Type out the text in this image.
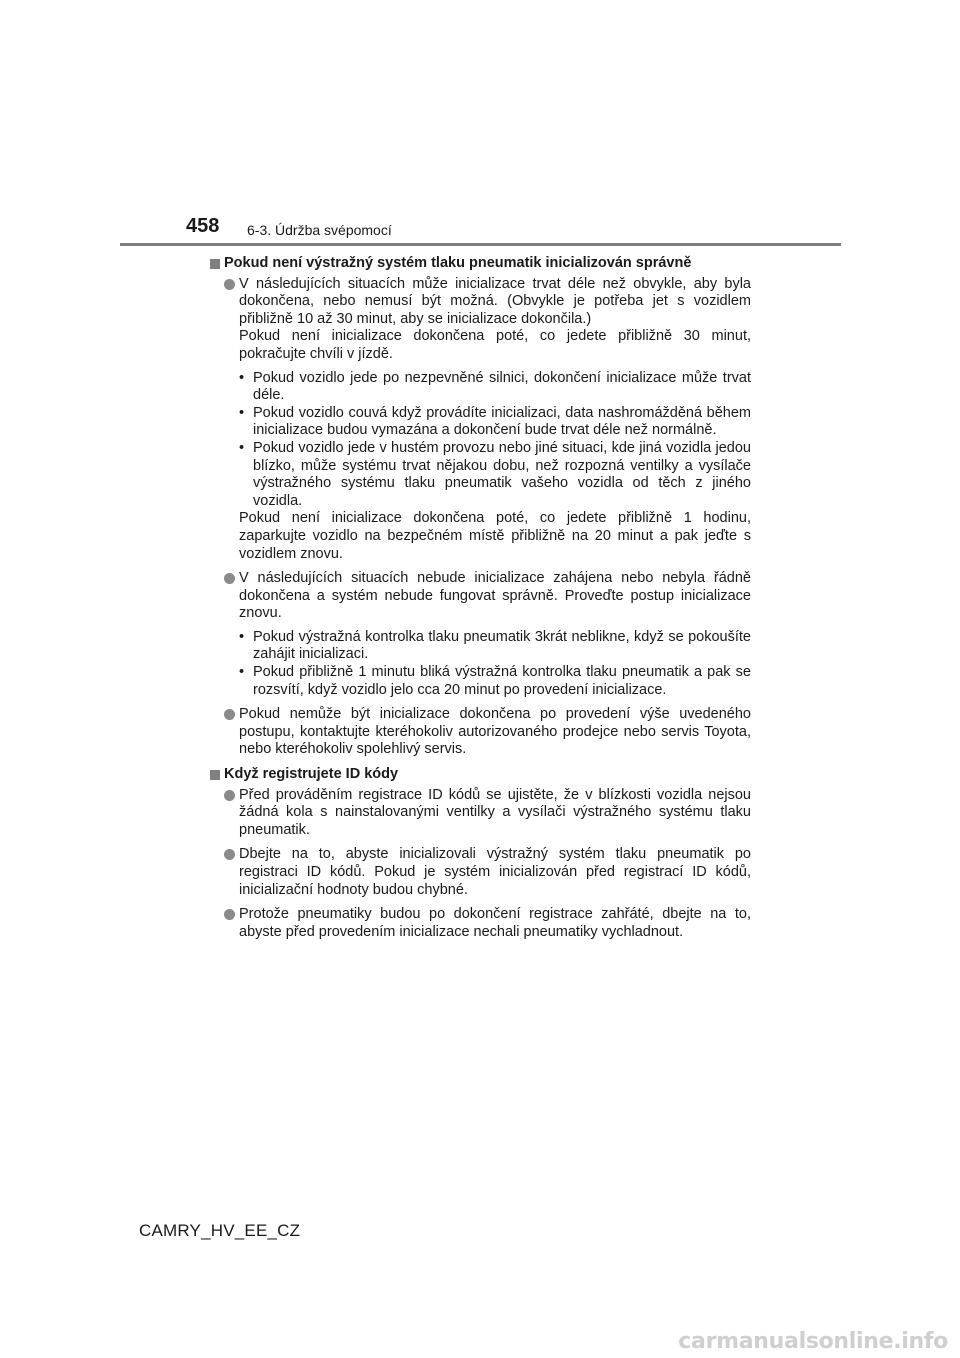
458 6-3. Údržba svépomocí
Pokud není výstražný systém tlaku pneumatik inicializován správně

V následujících situacích může inicializace trvat déle než obvykle, aby byla dokončena, nebo nemusí být možná. (Obvykle je potřeba jet s vozidlem přibližně 10 až 30 minut, aby se inicializace dokončila.)

Pokud není inicializace dokončena poté, co jedete přibližně 30 minut, pokračujte chvíli v jízdě.

• Pokud vozidlo jede po nezpevněné silnici, dokončení inicializace může trvat déle.
• Pokud vozidlo couvá když provádíte inicializaci, data nashromážděná během inicializace budou vymazána a dokončení bude trvat déle než normálně.
• Pokud vozidlo jede v hustém provozu nebo jiné situaci, kde jiná vozidla jedou blízko, může systému trvat nějakou dobu, než rozpozná ventilky a vysílače výstražného systému tlaku pneumatik vašeho vozidla od těch z jiného vozidla.

Pokud není inicializace dokončena poté, co jedete přibližně 1 hodinu, zaparkujte vozidlo na bezpečném místě přibližně na 20 minut a pak jeďte s vozidlem znovu.

V následujících situacích nebude inicializace zahájena nebo nebyla řádně dokončena a systém nebude fungovat správně. Proveďte postup inicializace znovu.

• Pokud výstražná kontrolka tlaku pneumatik 3krát neblikne, když se pokoušíte zahájit inicializaci.
• Pokud přibližně 1 minutu bliká výstražná kontrolka tlaku pneumatik a pak se rozsvítí, když vozidlo jelo cca 20 minut po provedení inicializace.

Pokud nemůže být inicializace dokončena po provedení výše uvedeného postupu, kontaktujte kteréhokoliv autorizovaného prodejce nebo servis Toyota, nebo kteréhokoliv spolehlivý servis.

Když registrujete ID kódy

Před prováděním registrace ID kódů se ujistěte, že v blízkosti vozidla nejsou žádná kola s nainstalovanými ventilky a vysílači výstražného systému tlaku pneumatik.

Dbejte na to, abyste inicializovali výstražný systém tlaku pneumatik po registraci ID kódů. Pokud je systém inicializován před registrací ID kódů, inicializační hodnoty budou chybné.

Protože pneumatiky budou po dokončení registrace zahřáté, dbejte na to, abyste před provedením inicializace nechali pneumatiky vychladnout.

CAMRY_HV_EE_CZ
carmanualsonline.info
